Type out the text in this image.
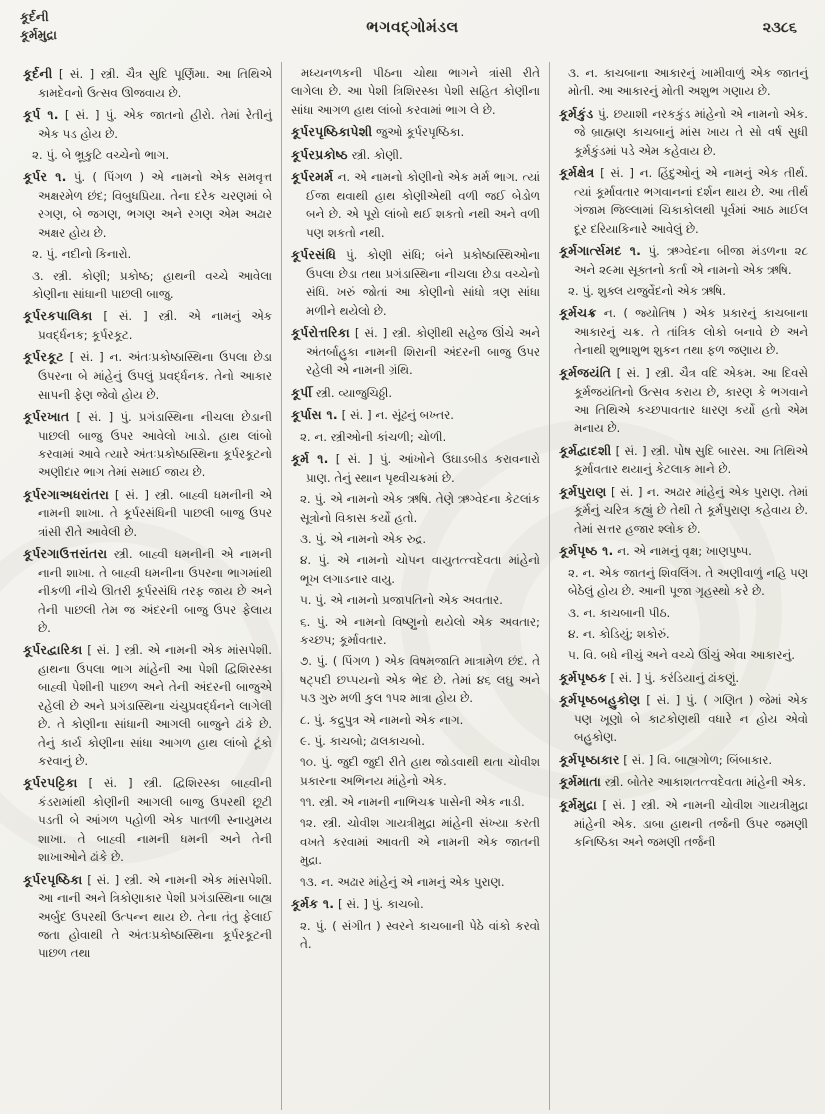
કૂર્દની
કૂર્મમુદ્રા	ભગવદ્ગોમંડલ	૨૩૮૬

કૂર્દની [ સં. ] સ્ત્રી. ચૈત્ર સુદિ પૂર્ણિમા. આ તિથિએ કામદેવનો ઉત્સવ ઊજવાય છે.

કૂર્પ ૧. [ સં. ] પું. એક જાતનો હીરો. તેમાં રેતીનું એક પડ હોય છે.

૨. પું. બે ભ્રૂકુટિ વચ્ચેનો ભાગ.

કૂર્પર ૧. પું. ( પિંગળ ) એ નામનો એક સમવૃત્ત અક્ષરમેળ છંદ; વિબુધપ્રિયા. તેના દરેક ચરણમાં બે રગણ, બે જગણ, ભગણ અને રગણ એમ અઢાર અક્ષર હોય છે.

૨. પું. નદીનો કિનારો.

૩. સ્ત્રી. કોણી; પ્રકોષ્ઠ; હાથની વચ્ચે આવેલા કોણીના સાંધાની પાછલી બાજુ.

કૂર્પરકપાલિકા [ સં. ] સ્ત્રી. એ નામનું એક પ્રવર્દ્ધનક; કૂર્પરકૂટ.

કૂર્પરકૂટ [ સં. ] ન. અંતઃપ્રકોષ્ઠાસ્થિના ઉપલા છેડા ઉપરના બે માંહેનું ઉપલું પ્રવર્દ્ધનક. તેનો આકાર સાપની ફેણ જેવો હોય છે.

કૂર્પરખાત [ સં. ] પું. પ્રગંડાસ્થિના નીચલા છેડાની પાછલી બાજુ ઉપર આવેલો ખાડો. હાથ લાંબો કરવામાં આવે ત્યારે અંતઃપ્રકોષ્ઠાસ્થિના કૂર્પરકૂટનો અણીદાર ભાગ તેમાં સમાઈ જાય છે.

કૂર્પરગાઅધરાંતરા [ સં. ] સ્ત્રી. બાહ્વી ધમનીની એ નામની શાખા. તે કૂર્પરસંધિની પાછલી બાજુ ઉપર ત્રાંસી રીતે આવેલી છે.

કૂર્પરગાઉત્તરાંતરા સ્ત્રી. બાહ્વી ધમનીની એ નામની નાની શાખા. તે બાહ્વી ધમનીના ઉપરના ભાગમાંથી નીકળી નીચે ઊતરી કૂર્પરસંધિ તરફ જાય છે અને તેની પાછલી તેમ જ અંદરની બાજુ ઉપર ફેલાય છે.

કૂર્પરદ્વારિકા [ સં. ] સ્ત્રી. એ નામની એક માંસપેશી. હાથના ઉપલા ભાગ માંહેની આ પેશી દ્વિશિરસ્કા બાહ્વી પેશીની પાછળ અને તેની અંદરની બાજુએ રહેલી છે અને પ્રગંડાસ્થિના ચંચુપ્રવર્દ્ધનને લાગેલી છે. તે કોણીના સાંધાની આગલી બાજુને ઢાંકે છે. તેનું કાર્ય કોણીના સાંધા આગળ હાથ લાંબો ટૂંકો કરવાનું છે.

કૂર્પરપટ્ટિકા [ સં. ] સ્ત્રી. દ્વિશિરસ્કા બાહ્વીની કંડરામાંથી કોણીની આગલી બાજુ ઉપરથી છૂટી પડતી બે આંગળ પહોળી એક પાતળી સ્નાયુમય શાખા. તે બાહ્વી નામની ધમની અને તેની શાખાઓને ઢાંકે છે.

કૂર્પરપૃષ્ઠિકા [ સં. ] સ્ત્રી. એ નામની એક માંસપેશી. આ નાની અને ત્રિકોણાકાર પેશી પ્રગંડાસ્થિના બાહ્ય અર્બુદ ઉપરથી ઉત્પન્ન થાય છે. તેના તંતુ ફેલાઈ જતા હોવાથી તે અંતઃપ્રકોષ્ઠાસ્થિના કૂર્પરકૂટની પાછળ તથા

મધ્યનળકની પીઠના ચોથા ભાગને ત્રાંસી રીતે લાગેલા છે. આ પેશી ત્રિશિરસ્કા પેશી સહિત કોણીના સાંધા આગળ હાથ લાંબો કરવામાં ભાગ લે છે.

કૂર્પરપૃષ્ઠિકાપેશી જુઓ કૂર્પરપૃષ્ઠિકા.

કૂર્પરપ્રકોષ્ઠ સ્ત્રી. કોણી.

કૂર્પરમર્મ ન. એ નામનો કોણીનો એક મર્મ ભાગ. ત્યાં ઈજા થવાથી હાથ કોણીએથી વળી જઈ બેડોળ બને છે. એ પૂરો લાંબો થઈ શકતો નથી અને વળી પણ શકતો નથી.

કૂર્પરસંધિ પું. કોણી સંધિ; બંને પ્રકોષ્ઠાસ્થિઓના ઉપલા છેડા તથા પ્રગંડાસ્થિના નીચલા છેડા વચ્ચેનો સંધિ. ખરું જોતાં આ કોણીનો સાંધો ત્રણ સાંધા મળીને થયેલો છે.

કૂર્પરોત્તરિકા [ સં. ] સ્ત્રી. કોણીથી સહેજ ઊંચે અને અંતર્બાહુકા નામની શિરાની અંદરની બાજુ ઉપર રહેલી એ નામની ગ્રંથિ.

કૂર્પી સ્ત્રી. વ્યાજુચિઠ્ઠી.

કૂર્પાસ ૧. [ સં. ] ન. સૂંઢનું બખ્તર.

૨. ન. સ્ત્રીઓની કાંચળી; ચોળી.

કૂર્મ ૧. [ સં. ] પું. આંખોને ઉઘાડબીડ કરાવનારો પ્રાણ. તેનું સ્થાન પૃથ્વીચક્રમાં છે.

૨. પું. એ નામનો એક ઋષિ. તેણે ઋગ્વેદના કેટલાંક સૂત્રોનો વિકાસ કર્યો હતો.

૩. પું. એ નામનો એક રુદ્ર.

૪. પું. એ નામનો ચોપન વાયુતત્ત્વદેવતા માંહેનો ભૂખ લગાડનાર વાયુ.

૫. પું. એ નામનો પ્રજાપતિનો એક અવતાર.

૬. પું. એ નામનો વિષ્ણુનો થયેલો એક અવતાર; કચ્છપ; કૂર્માવતાર.

૭. પું. ( પિંગળ ) એક વિષમજાતિ માત્રામેળ છંદ. તે ષટ્પદી છપ્પયનો એક ભેદ છે. તેમાં ૪૬ લઘુ અને ૫૩ ગુરુ મળી કુલ ૧૫૨ માત્રા હોય છે.

૮. પું. કદ્રુપુત્ર એ નામનો એક નાગ.

૯. પું. કાચબો; ઢાલકાચબો.

૧૦. પું. જુદી જુદી રીતે હાથ જોડવાથી થતા ચોવીશ પ્રકારના અભિનય માંહેનો એક.

૧૧. સ્ત્રી. એ નામની નાભિચક્ર પાસેની એક નાડી.

૧૨. સ્ત્રી. ચોવીશ ગાયત્રીમુદ્રા માંહેની સંખ્યા કરતી વખતે કરવામાં આવતી એ નામની એક જાતની મુદ્રા.

૧૩. ન. અઢાર માંહેનું એ નામનું એક પુરાણ.

કૂર્મક ૧. [ સં. ] પું. કાચબો.

૨. પું. ( સંગીત ) સ્વરને કાચબાની પેઠે વાંકો કરવો તે.

૩. ન. કાચબાના આકારનું ખામીવાળું એક જાતનું મોતી. આ આકારનું મોતી અશુભ ગણાય છે.

કૂર્મકુંડ પું. છયાશી નરકકુંડ માંહેનો એ નામનો એક. જે બ્રાહ્મણ કાચબાનું માંસ ખાય તે સો વર્ષ સુધી કૂર્મકુંડમાં પડે એમ કહેવાય છે.

કૂર્મક્ષેત્ર [ સં. ] ન. હિંદુઓનું એ નામનું એક તીર્થ. ત્યાં કૂર્માવતાર ભગવાનનાં દર્શન થાય છે. આ તીર્થ ગંજામ જિલ્લામાં ચિકાકોલથી પૂર્વમાં આઠ માઈલ દૂર દરિયાકિનારે આવેલું છે.

કૂર્મગાર્ત્સમદ ૧. પું. ઋગ્વેદના બીજા મંડળના ૨૮ અને ૨૯મા સૂક્તનો કર્તા એ નામનો એક ઋષિ.

૨. પું. શુક્લ યજુર્વેદનો એક ઋષિ.

કૂર્મચક્ર ન. ( જ્યોતિષ ) એક પ્રકારનું કાચબાના આકારનું ચક્ર. તે તાંત્રિક લોકો બનાવે છે અને તેનાથી શુભાશુભ શુકન તથા ફળ જણાય છે.

કૂર્મજયંતિ [ સં. ] સ્ત્રી. ચૈત્ર વદિ એકમ. આ દિવસે કૂર્મજયંતિનો ઉત્સવ કરાય છે, કારણ કે ભગવાને આ તિથિએ કચ્છપાવતાર ધારણ કર્યો હતો એમ મનાય છે.

કૂર્મદ્વાદશી [ સં. ] સ્ત્રી. પોષ સુદિ બારસ. આ તિથિએ કૂર્માવતાર થયાનું કેટલાક માને છે.

કૂર્મપુરાણ [ સં. ] ન. અઢાર માંહેનું એક પુરાણ. તેમાં કૂર્મનું ચરિત્ર કહ્યું છે તેથી તે કૂર્મપુરાણ કહેવાય છે. તેમાં સત્તર હજાર શ્લોક છે.

કૂર્મપૃષ્ઠ ૧. ન. એ નામનું વૃક્ષ; ખાણપુષ્પ.

૨. ન. એક જાતનું શિવલિંગ. તે અણીવાળું નહિ પણ બેઠેલું હોય છે. આની પૂજા ગૃહસ્થો કરે છે.

૩. ન. કાચબાની પીઠ.

૪. ન. કોડિયું; શકોરું.

૫. વિ. બધે નીચું અને વચ્ચે ઊંચું એવા આકારનું.

કૂર્મપૃષ્ઠક [ સં. ] પું. કરંડિયાનું ઢાંકણું.

કૂર્મપૃષ્ઠબહુકોણ [ સં. ] પું. ( ગણિત ) જેમાં એક પણ ખૂણો બે કાટકોણથી વધારે ન હોય એવો બહુકોણ.

કૂર્મપૃષ્ઠાકાર [ સં. ] વિ. બાહ્યગોળ; બિંબાકાર.

કૂર્મમાતા સ્ત્રી. બોતેર આકાશતત્ત્વદેવતા માંહેની એક.

કૂર્મમુદ્રા [ સં. ] સ્ત્રી. એ નામની ચોવીશ ગાયત્રીમુદ્રા માંહેની એક. ડાબા હાથની તર્જની ઉપર જમણી કનિષ્ઠિકા અને જમણી તર્જની
